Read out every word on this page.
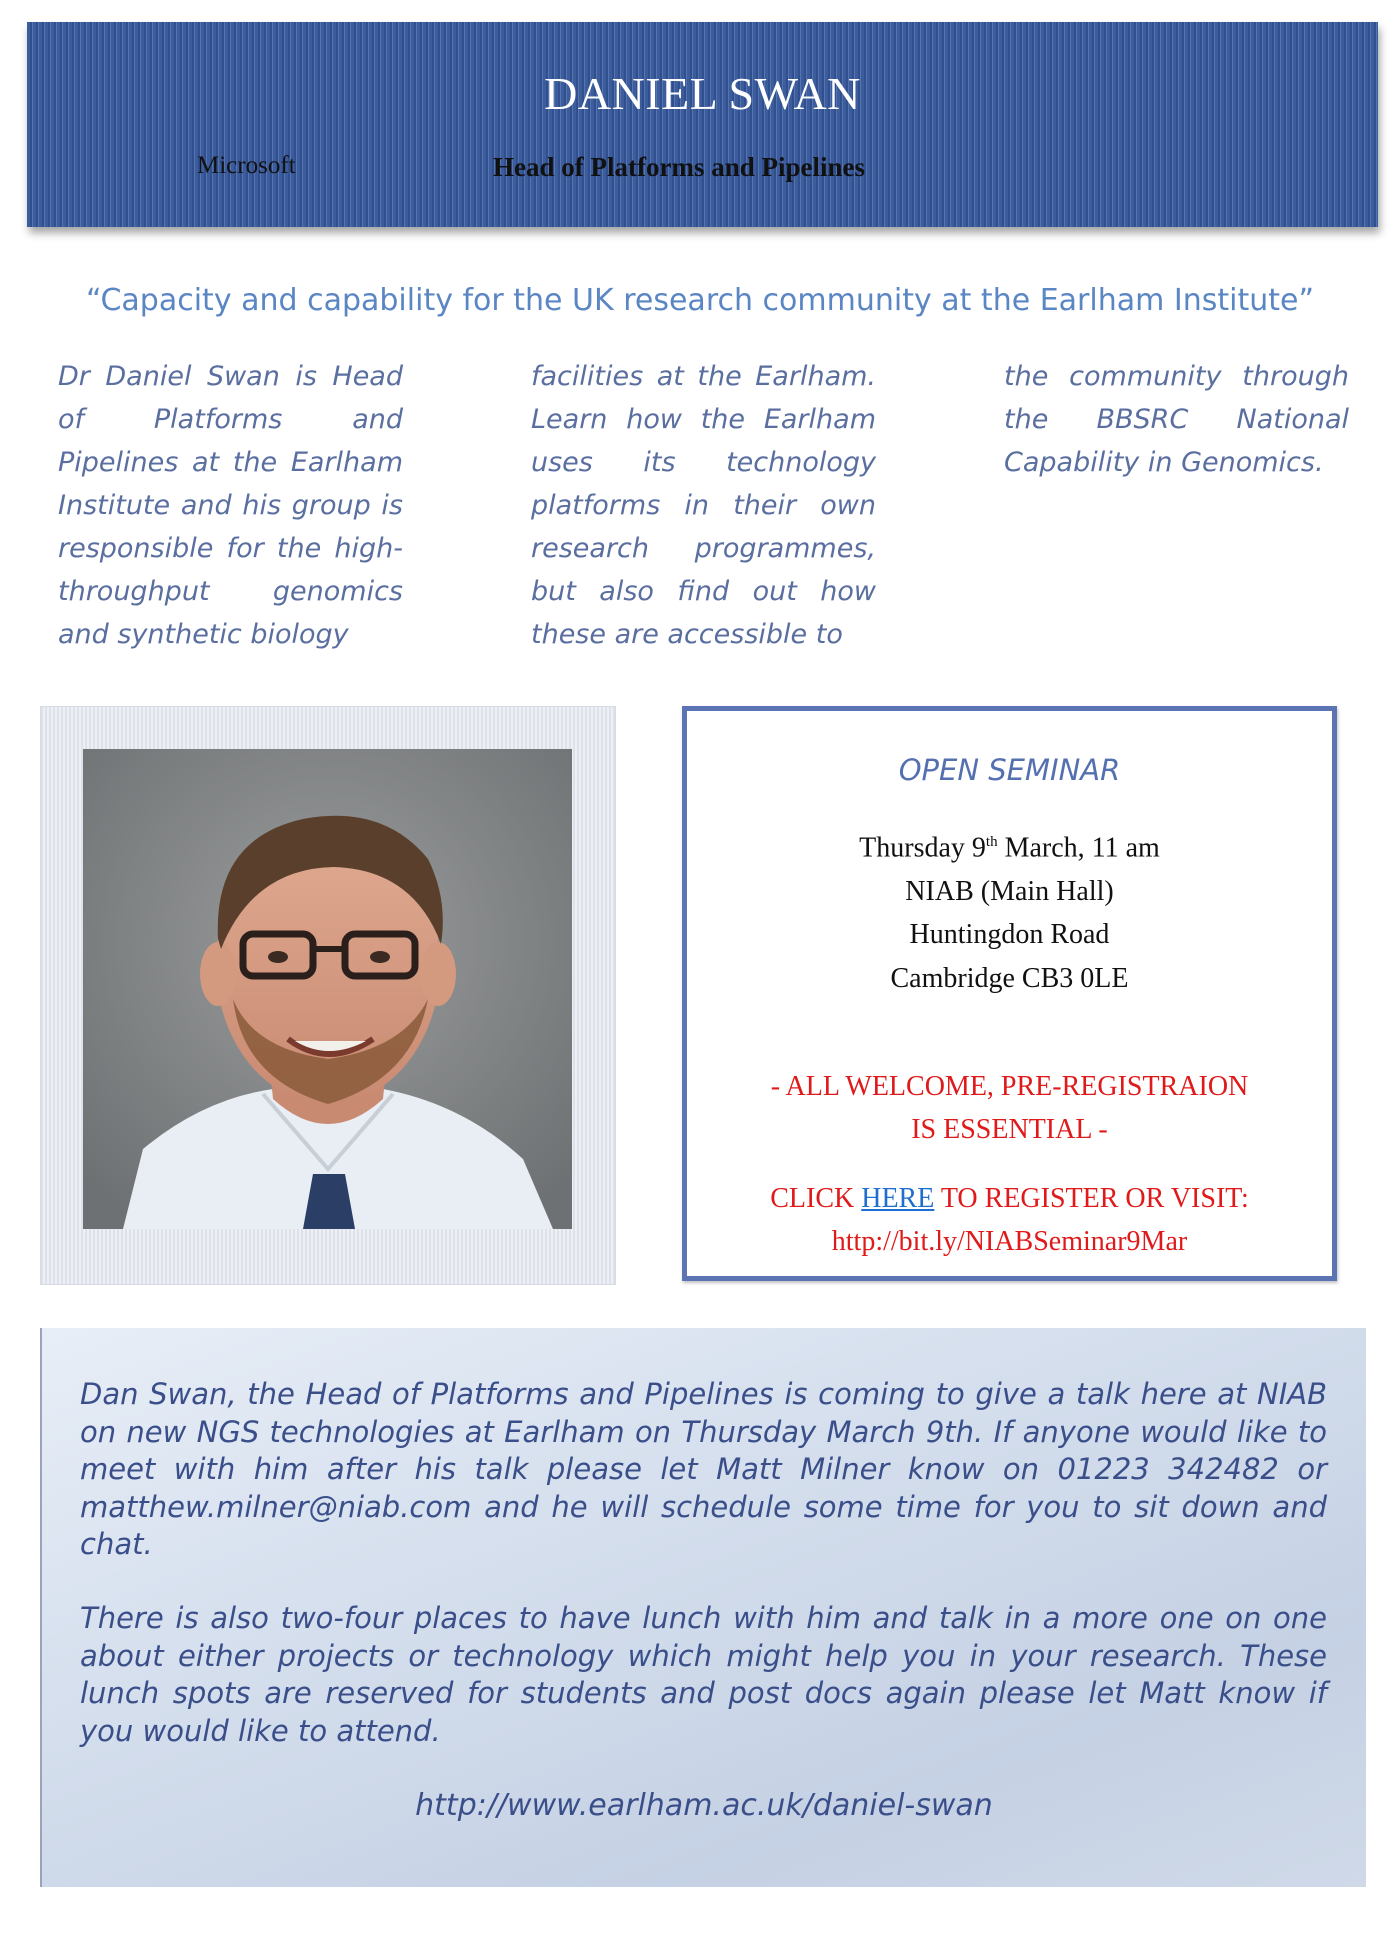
DANIEL SWAN
Microsoft	Head of Platforms and Pipelines
“Capacity and capability for the UK research community at the Earlham Institute”
Dr Daniel Swan is Head of Platforms and Pipelines at the Earlham Institute and his group is responsible for the high-throughput genomics and synthetic biology
facilities at the Earlham. Learn how the Earlham uses its technology platforms in their own research programmes, but also find out how these are accessible to
the community through the BBSRC National Capability in Genomics.
OPEN SEMINAR
Thursday 9th March, 11 am
NIAB (Main Hall)
Huntingdon Road
Cambridge CB3 0LE
- ALL WELCOME, PRE-REGISTRAION
IS ESSENTIAL -
CLICK HERE TO REGISTER OR VISIT:
http://bit.ly/NIABSeminar9Mar
Dan Swan, the Head of Platforms and Pipelines is coming to give a talk here at NIAB on new NGS technologies at Earlham on Thursday March 9th. If anyone would like to meet with him after his talk please let Matt Milner know on 01223 342482 or matthew.milner@niab.com and he will schedule some time for you to sit down and chat.
There is also two-four places to have lunch with him and talk in a more one on one about either projects or technology which might help you in your research. These lunch spots are reserved for students and post docs again please let Matt know if you would like to attend.
http://www.earlham.ac.uk/daniel-swan
